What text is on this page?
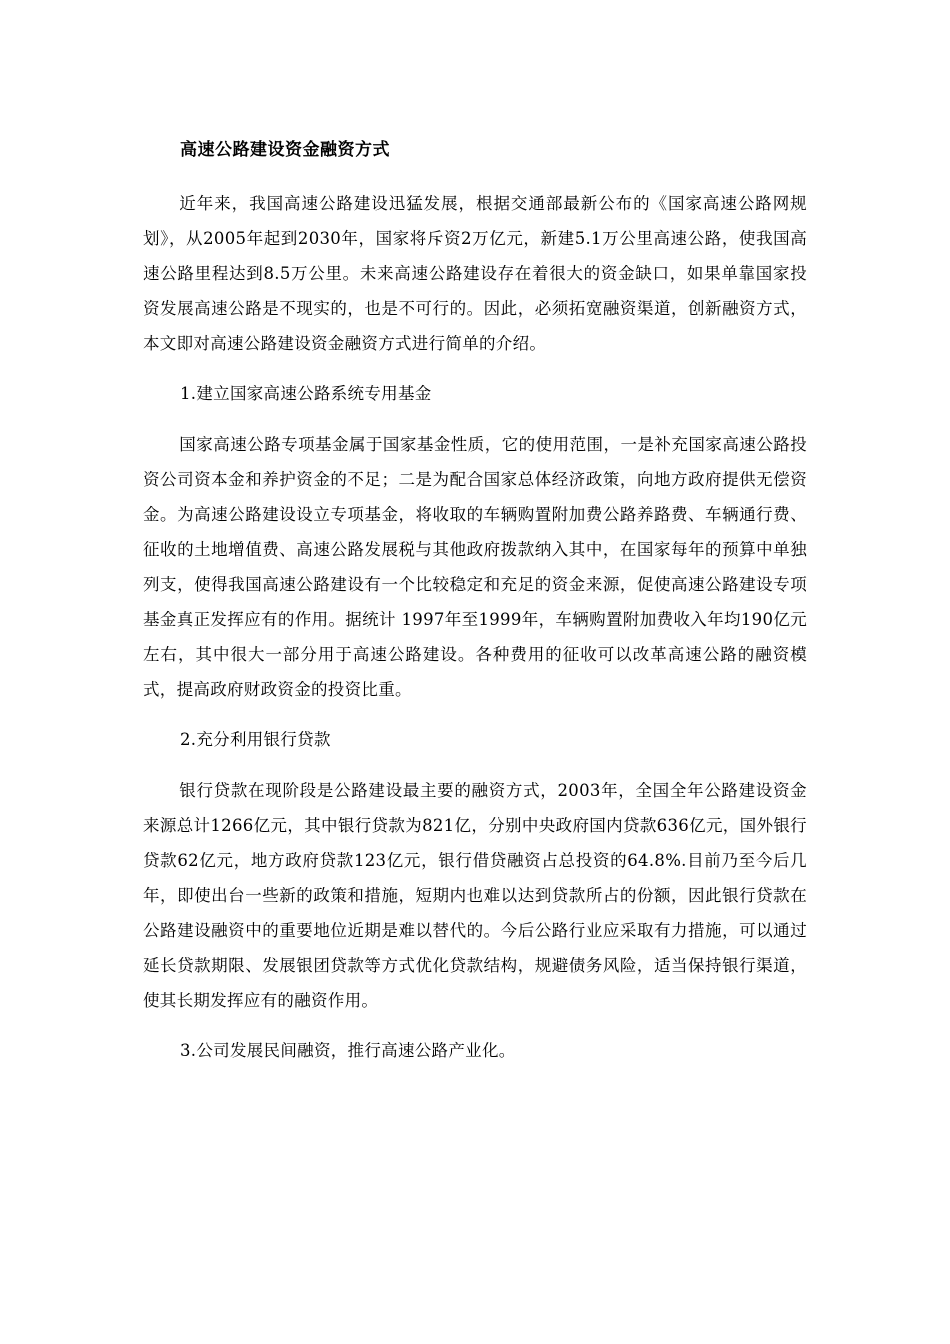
高速公路建设资金融资方式

近年来，我国高速公路建设迅猛发展，根据交通部最新公布的《国家高速公路网规划》，从2005年起到2030年，国家将斥资2万亿元，新建5.1万公里高速公路，使我国高速公路里程达到8.5万公里。未来高速公路建设存在着很大的资金缺口，如果单靠国家投资发展高速公路是不现实的，也是不可行的。因此，必须拓宽融资渠道，创新融资方式，本文即对高速公路建设资金融资方式进行简单的介绍。

1.建立国家高速公路系统专用基金

国家高速公路专项基金属于国家基金性质，它的使用范围，一是补充国家高速公路投资公司资本金和养护资金的不足；二是为配合国家总体经济政策，向地方政府提供无偿资金。为高速公路建设设立专项基金，将收取的车辆购置附加费公路养路费、车辆通行费、征收的土地增值费、高速公路发展税与其他政府拨款纳入其中，在国家每年的预算中单独列支，使得我国高速公路建设有一个比较稳定和充足的资金来源，促使高速公路建设专项基金真正发挥应有的作用。据统计 1997年至1999年，车辆购置附加费收入年均190亿元左右，其中很大一部分用于高速公路建设。各种费用的征收可以改革高速公路的融资模式，提高政府财政资金的投资比重。

2.充分利用银行贷款

银行贷款在现阶段是公路建设最主要的融资方式，2003年，全国全年公路建设资金来源总计1266亿元，其中银行贷款为821亿，分别中央政府国内贷款636亿元，国外银行贷款62亿元，地方政府贷款123亿元，银行借贷融资占总投资的64.8%.目前乃至今后几年，即使出台一些新的政策和措施，短期内也难以达到贷款所占的份额，因此银行贷款在公路建设融资中的重要地位近期是难以替代的。今后公路行业应采取有力措施，可以通过延长贷款期限、发展银团贷款等方式优化贷款结构，规避债务风险，适当保持银行渠道，使其长期发挥应有的融资作用。

3.公司发展民间融资，推行高速公路产业化。
